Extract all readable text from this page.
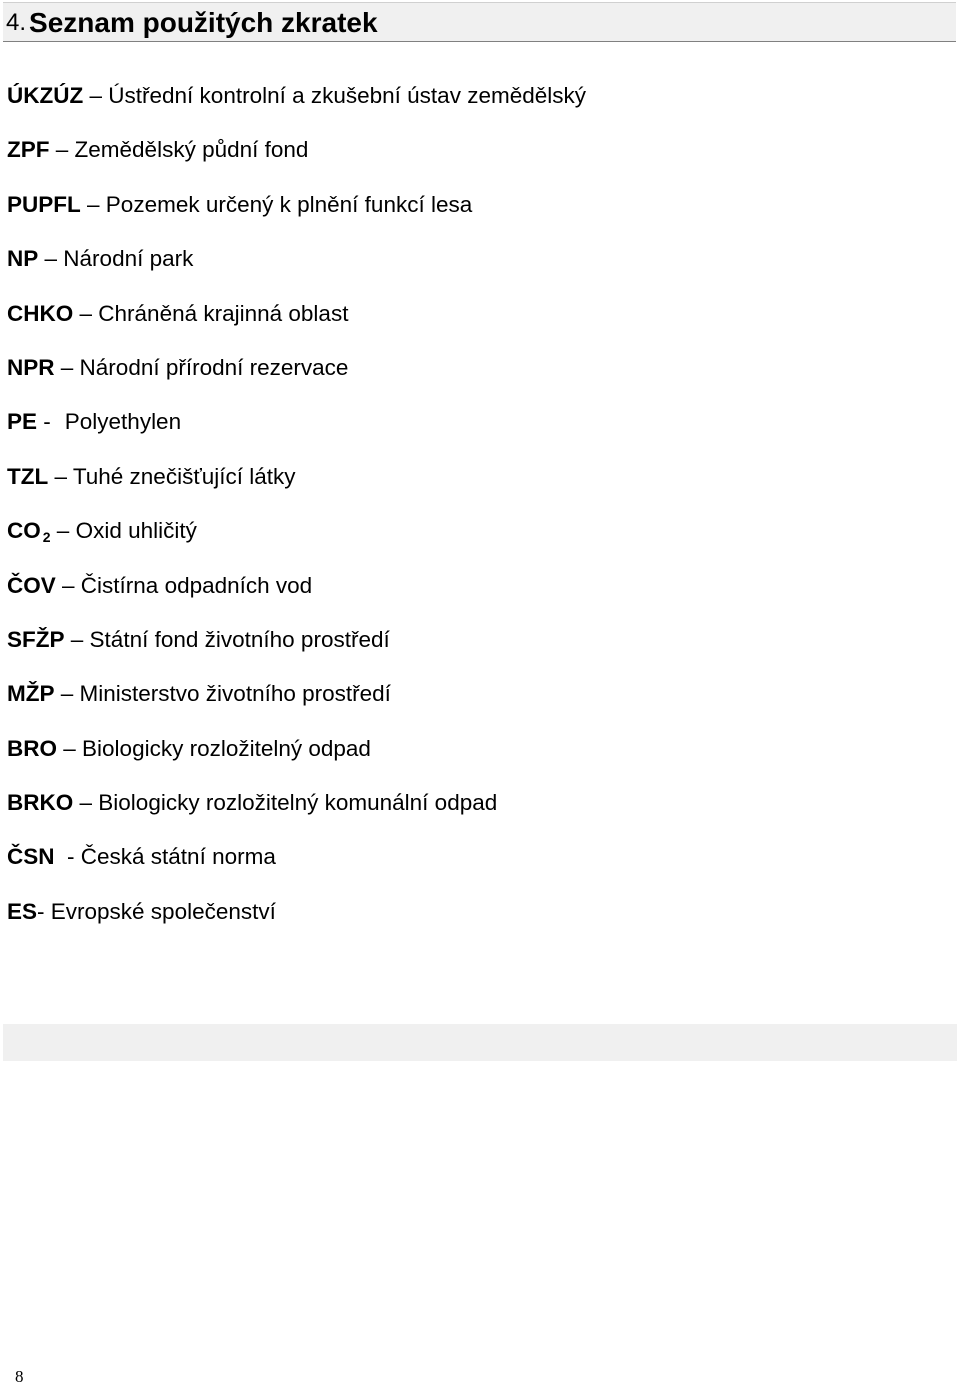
4. Seznam použitých zkratek
ÚKZÚZ – Ústřední kontrolní a zkušební ústav zemědělský
ZPF – Zemědělský půdní fond
PUPFL – Pozemek určený k plnění funkcí lesa
NP – Národní park
CHKO – Chráněná krajinná oblast
NPR – Národní přírodní rezervace
PE - Polyethylen
TZL – Tuhé znečišťující látky
CO $_2$ – Oxid uhličitý
ČOV – Čistírna odpadních vod
SFŽP – Státní fond životního prostředí
MŽP – Ministerstvo životního prostředí
BRO – Biologicky rozložitelný odpad
BRKO – Biologicky rozložitelný komunální odpad
ČSN  - Česká státní norma
ES- Evropské společenství
8
